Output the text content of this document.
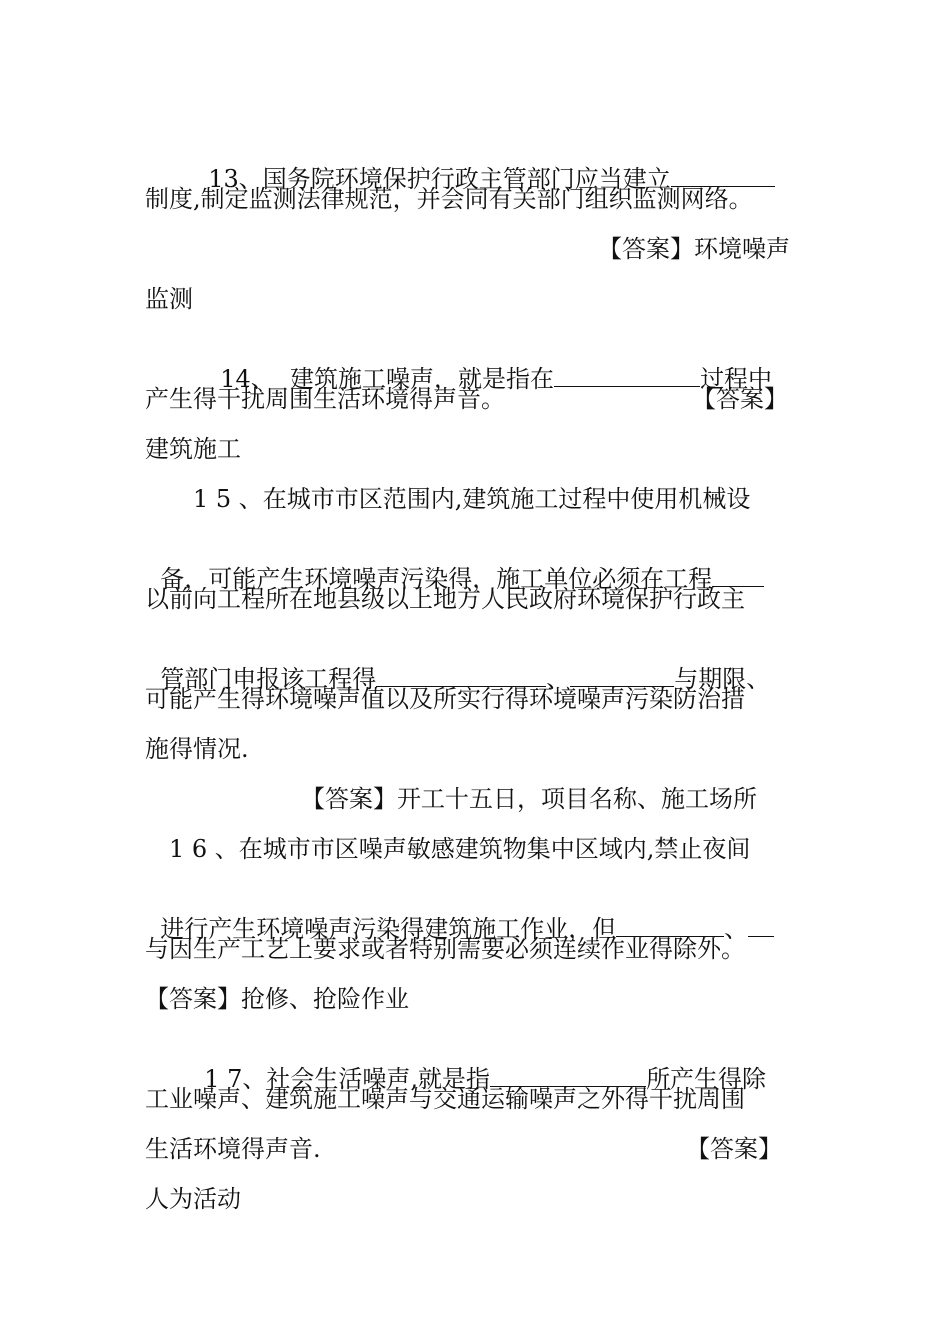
13、国务院环境保护行政主管部门应当建立

制度,制定监测法律规范，并会同有关部门组织监测网络。
【答案】环境噪声
监测

14、  建筑施工噪声，就是指在	过程中

产生得干扰周围生活环境得声音。	【答案】
建筑施工
1 5 、在城市市区范围内,建筑施工过程中使用机械设

备，可能产生环境噪声污染得，施工单位必须在工程

以前向工程所在地县级以上地方人民政府环境保护行政主

管部门申报该工程得	、	与期限、

可能产生得环境噪声值以及所实行得环境噪声污染防治措
施得情况.
【答案】开工十五日，项目名称、施工场所
1 6 、在城市市区噪声敏感建筑物集中区域内,禁止夜间

进行产生环境噪声污染得建筑施工作业，但	、

与因生产工艺上要求或者特别需要必须连续作业得除外。
【答案】抢修、抢险作业

1 7、社会生活噪声,就是指	所产生得除

工业噪声、建筑施工噪声与交通运输噪声之外得干扰周围
生活环境得声音.	【答案】
人为活动
